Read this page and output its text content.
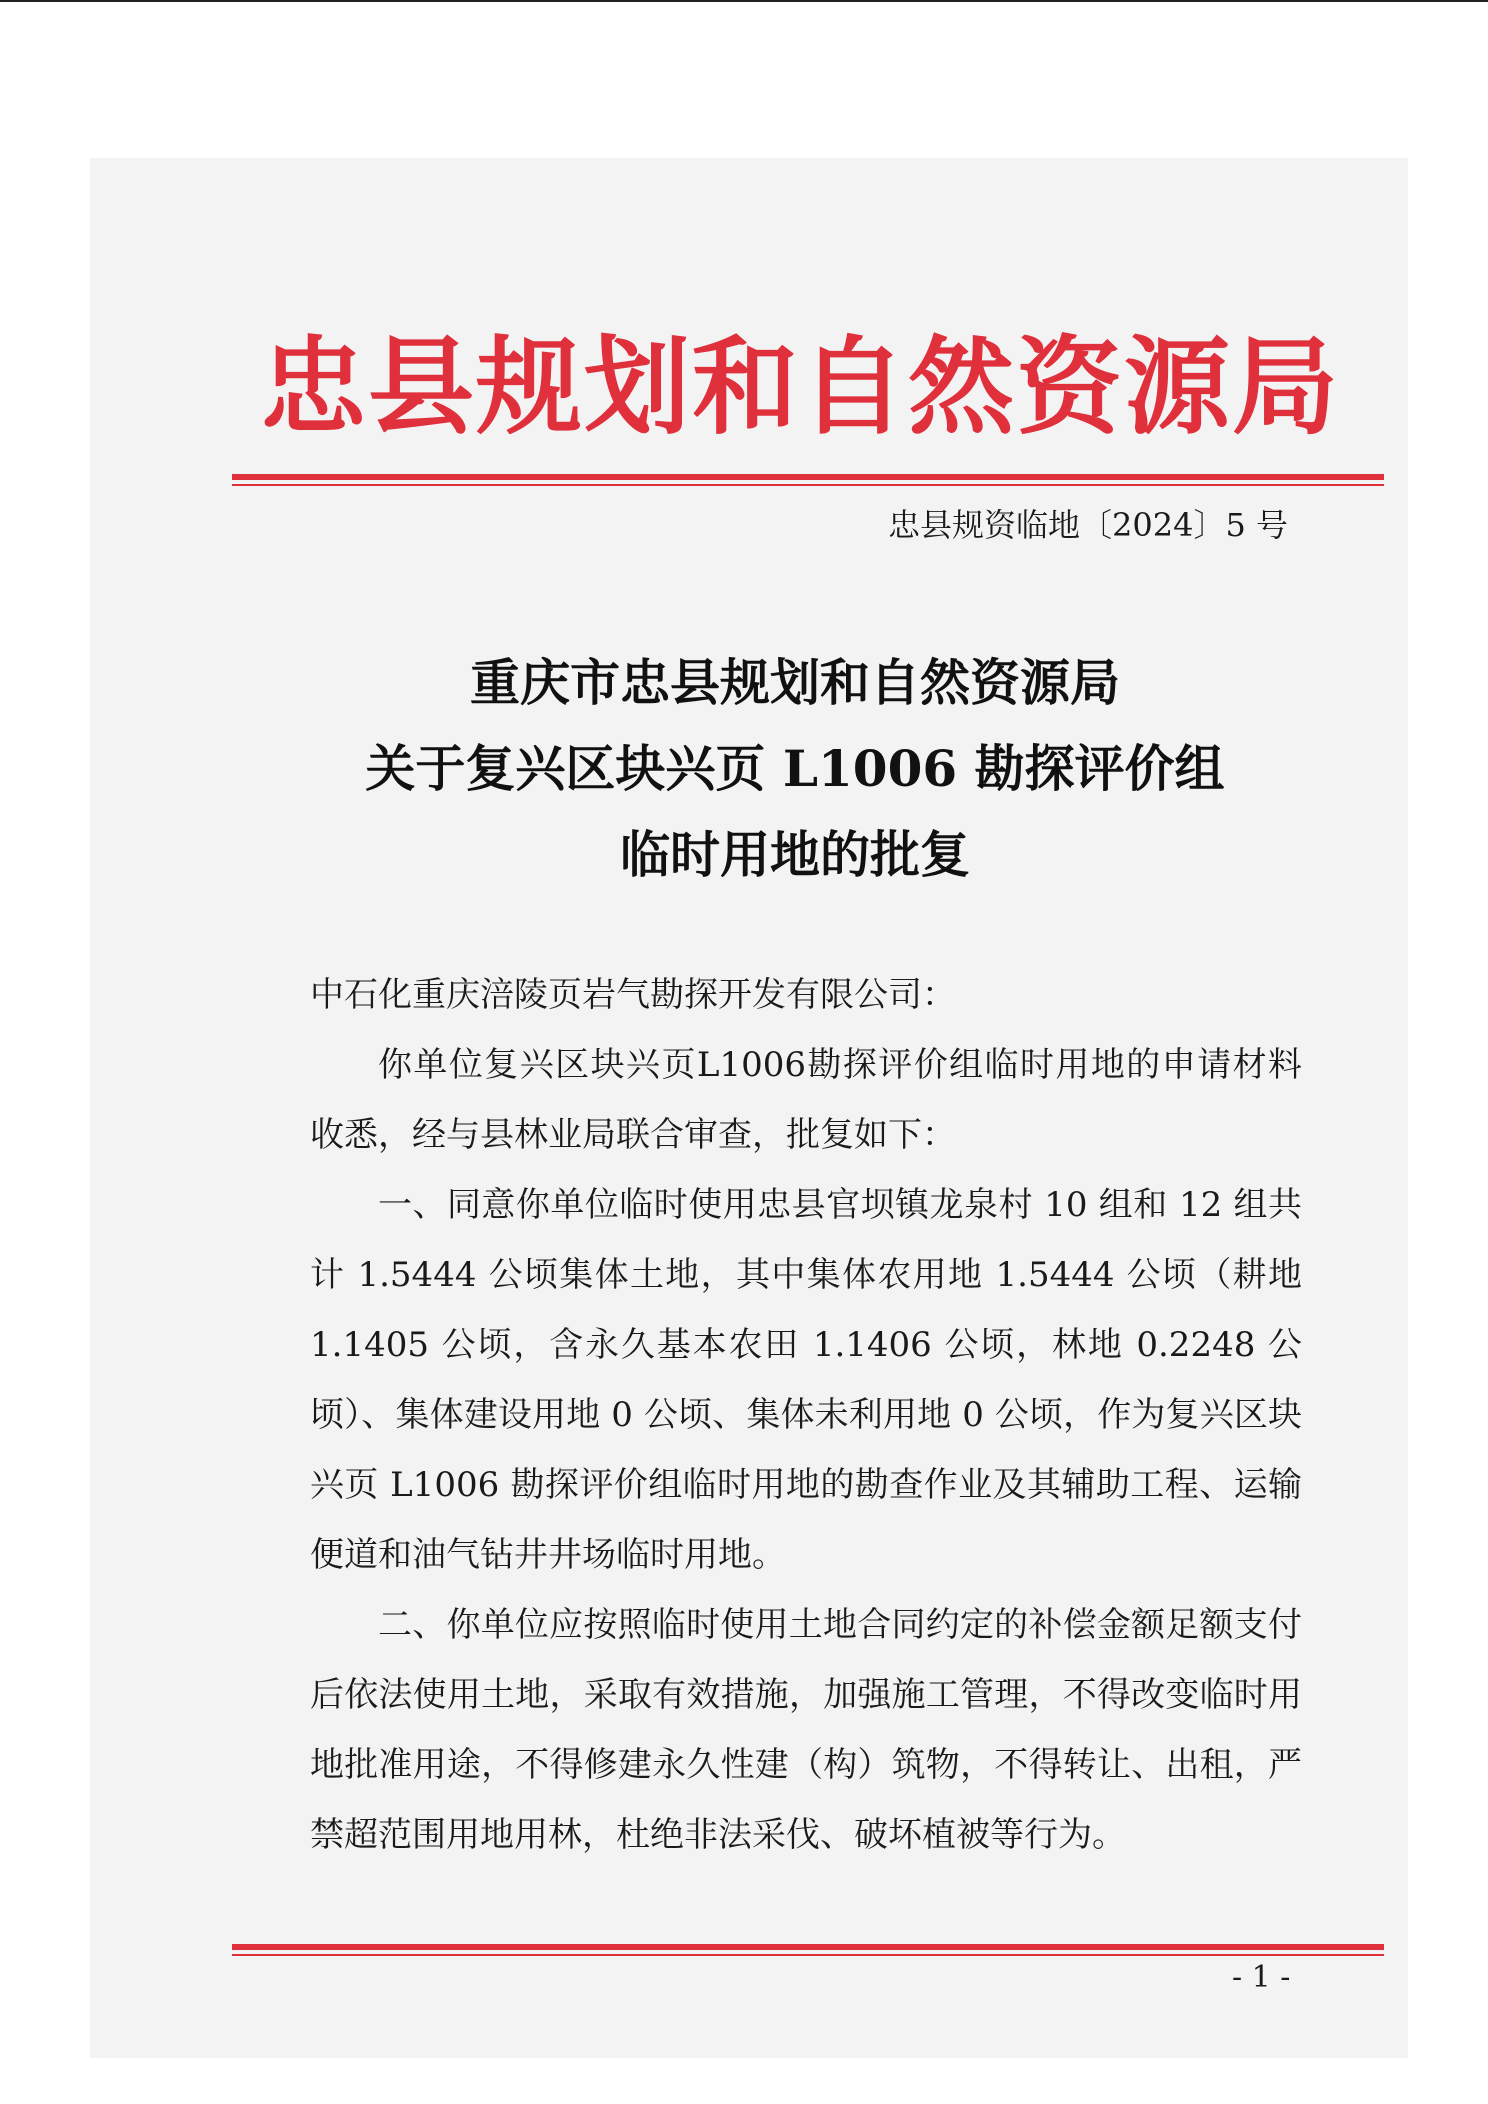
忠县规划和自然资源局
忠县规资临地〔2024〕5 号
重庆市忠县规划和自然资源局
关于复兴区块兴页 L1006 勘探评价组
临时用地的批复
中石化重庆涪陵页岩气勘探开发有限公司：

你单位复兴区块兴页L1006勘探评价组临时用地的申请材料收悉，经与县林业局联合审查，批复如下：

一、同意你单位临时使用忠县官坝镇龙泉村 10 组和 12 组共计 1.5444 公顷集体土地，其中集体农用地 1.5444 公顷（耕地 1.1405 公顷，含永久基本农田 1.1406 公顷，林地 0.2248 公顷）、集体建设用地 0 公顷、集体未利用地 0 公顷，作为复兴区块兴页 L1006 勘探评价组临时用地的勘查作业及其辅助工程、运输便道和油气钻井井场临时用地。

二、你单位应按照临时使用土地合同约定的补偿金额足额支付后依法使用土地，采取有效措施，加强施工管理，不得改变临时用地批准用途，不得修建永久性建（构）筑物，不得转让、出租，严禁超范围用地用林，杜绝非法采伐、破坏植被等行为。

- 1 -
